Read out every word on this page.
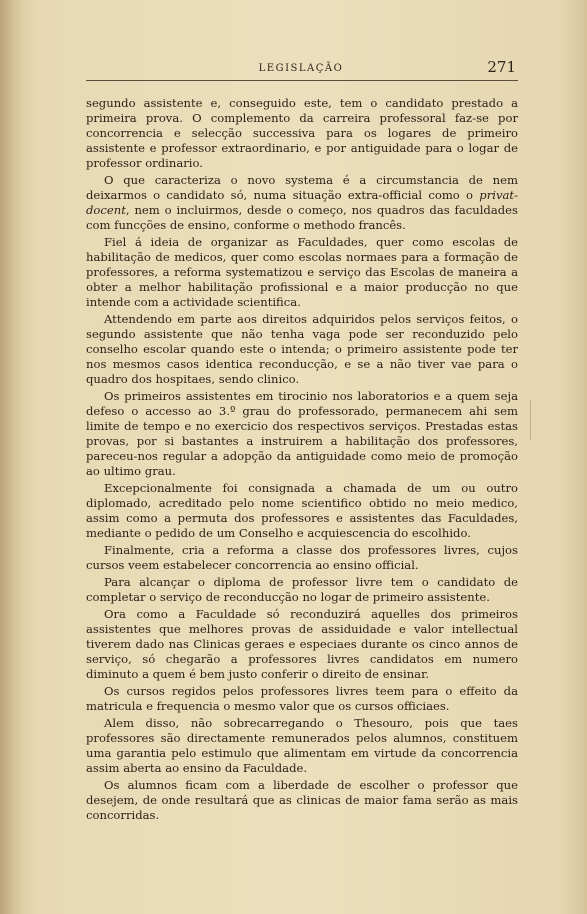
LEGISLAÇÃO	271

segundo assistente e, conseguido este, tem o candidato prestado a primeira prova. O complemento da carreira professoral faz-se por concorrencia e selecção successiva para os logares de primeiro assistente e professor extraordinario, e por antiguidade para o logar de professor ordinario.

O que caracteriza o novo systema é a circumstancia de nem deixarmos o candidato só, numa situação extra-official como o privat-docent, nem o incluirmos, desde o começo, nos quadros das faculdades com funcções de ensino, conforme o methodo francês.

Fiel á ideia de organizar as Faculdades, quer como escolas de habilitação de medicos, quer como escolas normaes para a formação de professores, a reforma systematizou e serviço das Escolas de maneira a obter a melhor habilitação profissional e a maior producção no que intende com a actividade scientifica.

Attendendo em parte aos direitos adquiridos pelos serviços feitos, o segundo assistente que não tenha vaga pode ser reconduzido pelo conselho escolar quando este o intenda; o primeiro assistente pode ter nos mesmos casos identica reconducção, e se a não tiver vae para o quadro dos hospitaes, sendo clinico.

Os primeiros assistentes em tirocinio nos laboratorios e a quem seja defeso o accesso ao 3.º grau do professorado, permanecem ahi sem limite de tempo e no exercicio dos respectivos serviços. Prestadas estas provas, por si bastantes a instruirem a habilitação dos professores, pareceu-nos regular a adopção da antiguidade como meio de promoção ao ultimo grau.

Excepcionalmente foi consignada a chamada de um ou outro diplomado, acreditado pelo nome scientifico obtido no meio medico, assim como a permuta dos professores e assistentes das Faculdades, mediante o pedido de um Conselho e acquiescencia do escolhido.

Finalmente, cria a reforma a classe dos professores livres, cujos cursos veem estabelecer concorrencia ao ensino official.

Para alcançar o diploma de professor livre tem o candidato de completar o serviço de reconducção no logar de primeiro assistente.

Ora como a Faculdade só reconduzirá aquelles dos primeiros assistentes que melhores provas de assiduidade e valor intellectual tiverem dado nas Clinicas geraes e especiaes durante os cinco annos de serviço, só chegarão a professores livres candidatos em numero diminuto a quem é bem justo conferir o direito de ensinar.

Os cursos regidos pelos professores livres teem para o effeito da matricula e frequencia o mesmo valor que os cursos officiaes.

Alem disso, não sobrecarregando o Thesouro, pois que taes professores são directamente remunerados pelos alumnos, constituem uma garantia pelo estimulo que alimentam em virtude da concorrencia assim aberta ao ensino da Faculdade.

Os alumnos ficam com a liberdade de escolher o professor que desejem, de onde resultará que as clinicas de maior fama serão as mais concorridas.
